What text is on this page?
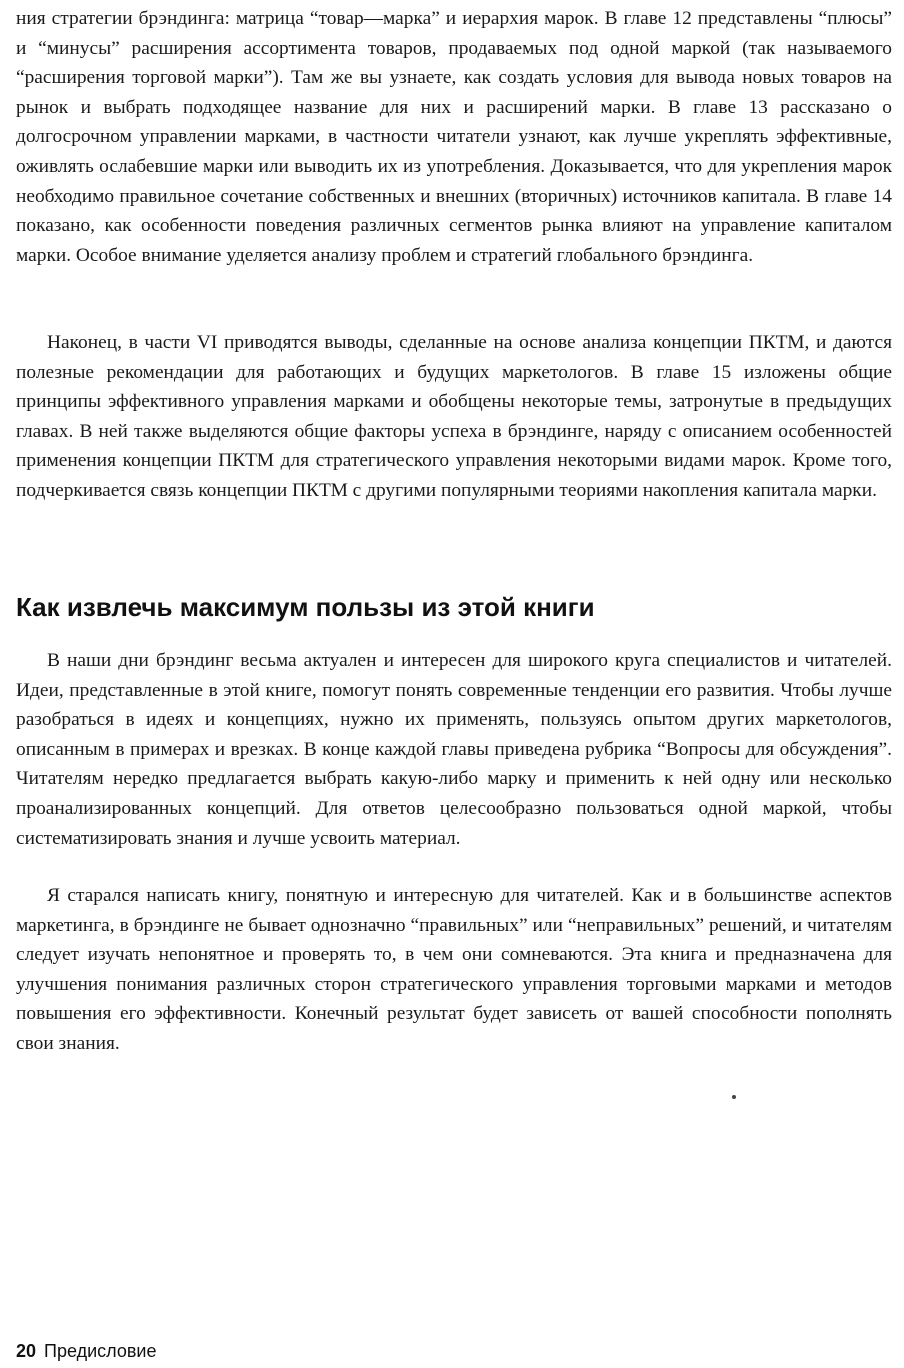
ния стратегии брэндинга: матрица “товар—марка” и иерархия марок. В главе 12 представлены “плюсы” и “минусы” расширения ассортимента товаров, продаваемых под одной маркой (так называемого “расширения торговой марки”). Там же вы узнаете, как создать условия для вывода новых товаров на рынок и выбрать подходящее название для них и расширений марки. В главе 13 рассказано о долгосрочном управлении марками, в частности читатели узнают, как лучше укреплять эффективные, оживлять ослабевшие марки или выводить их из употребления. Доказывается, что для укрепления марок необходимо правильное сочетание собственных и внешних (вторичных) источников капитала. В главе 14 показано, как особенности поведения различных сегментов рынка влияют на управление капиталом марки. Особое внимание уделяется анализу проблем и стратегий глобального брэндинга.

Наконец, в части VI приводятся выводы, сделанные на основе анализа концепции ПКТМ, и даются полезные рекомендации для работающих и будущих маркетологов. В главе 15 изложены общие принципы эффективного управления марками и обобщены некоторые темы, затронутые в предыдущих главах. В ней также выделяются общие факторы успеха в брэндинге, наряду с описанием особенностей применения концепции ПКТМ для стратегического управления некоторыми видами марок. Кроме того, подчеркивается связь концепции ПКТМ с другими популярными теориями накопления капитала марки.

Как извлечь максимум пользы из этой книги

В наши дни брэндинг весьма актуален и интересен для широкого круга специалистов и читателей. Идеи, представленные в этой книге, помогут понять современные тенденции его развития. Чтобы лучше разобраться в идеях и концепциях, нужно их применять, пользуясь опытом других маркетологов, описанным в примерах и врезках. В конце каждой главы приведена рубрика “Вопросы для обсуждения”. Читателям нередко предлагается выбрать какую-либо марку и применить к ней одну или несколько проанализированных концепций. Для ответов целесообразно пользоваться одной маркой, чтобы систематизировать знания и лучше усвоить материал.

Я старался написать книгу, понятную и интересную для читателей. Как и в большинстве аспектов маркетинга, в брэндинге не бывает однозначно “правильных” или “неправильных” решений, и читателям следует изучать непонятное и проверять то, в чем они сомневаются. Эта книга и предназначена для улучшения понимания различных сторон стратегического управления торговыми марками и методов повышения его эффективности. Конечный результат будет зависеть от вашей способности пополнять свои знания.

20 Предисловие
